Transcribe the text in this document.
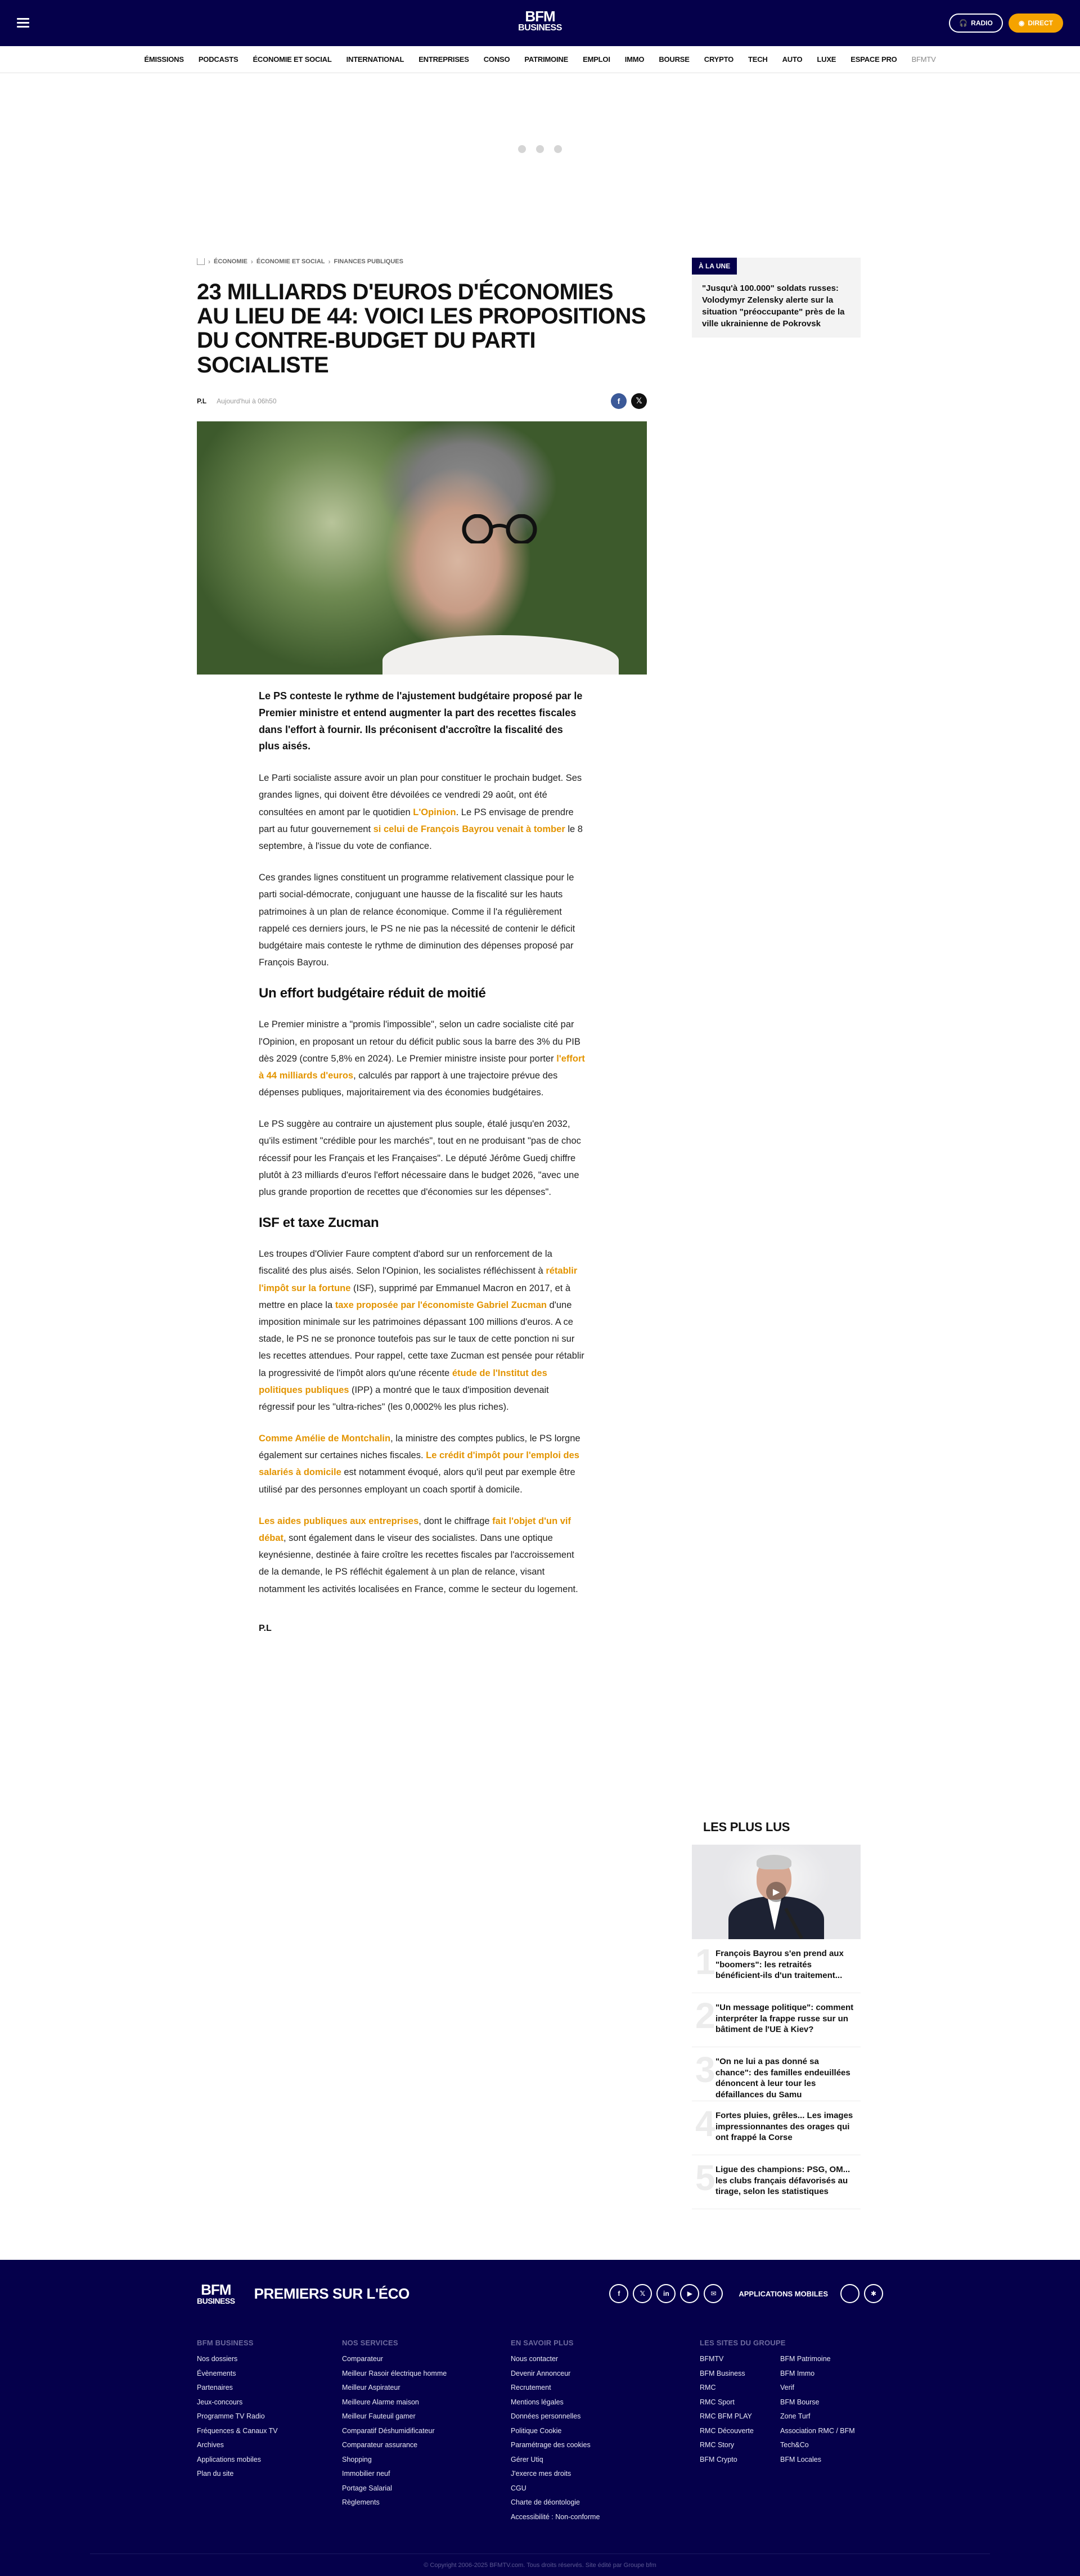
BFM
BUSINESS	🎧 RADIO	◉ DIRECT
ÉMISSIONS PODCASTS ÉCONOMIE ET SOCIAL INTERNATIONAL ENTREPRISES CONSO PATRIMOINE EMPLOI IMMO BOURSE CRYPTO TECH AUTO LUXE ESPACE PRO BFMTV
› ÉCONOMIE › ÉCONOMIE ET SOCIAL › FINANCES PUBLIQUES
23 MILLIARDS D'EUROS D'ÉCONOMIES AU LIEU DE 44: VOICI LES PROPOSITIONS DU CONTRE-BUDGET DU PARTI SOCIALISTE
P.L Aujourd'hui à 06h50	f	𝕏

Le PS conteste le rythme de l'ajustement budgétaire proposé par le Premier ministre et entend augmenter la part des recettes fiscales dans l'effort à fournir. Ils préconisent d'accroître la fiscalité des plus aisés.

Le Parti socialiste assure avoir un plan pour constituer le prochain budget. Ses grandes lignes, qui doivent être dévoilées ce vendredi 29 août, ont été consultées en amont par le quotidien L'Opinion. Le PS envisage de prendre part au futur gouvernement si celui de François Bayrou venait à tomber le 8 septembre, à l'issue du vote de confiance.

Ces grandes lignes constituent un programme relativement classique pour le parti social-démocrate, conjuguant une hausse de la fiscalité sur les hauts patrimoines à un plan de relance économique. Comme il l'a régulièrement rappelé ces derniers jours, le PS ne nie pas la nécessité de contenir le déficit budgétaire mais conteste le rythme de diminution des dépenses proposé par François Bayrou.

Un effort budgétaire réduit de moitié

Le Premier ministre a "promis l'impossible", selon un cadre socialiste cité par l'Opinion, en proposant un retour du déficit public sous la barre des 3% du PIB dès 2029 (contre 5,8% en 2024). Le Premier ministre insiste pour porter l'effort à 44 milliards d'euros, calculés par rapport à une trajectoire prévue des dépenses publiques, majoritairement via des économies budgétaires.

Le PS suggère au contraire un ajustement plus souple, étalé jusqu'en 2032, qu'ils estiment "crédible pour les marchés", tout en ne produisant "pas de choc récessif pour les Français et les Françaises". Le député Jérôme Guedj chiffre plutôt à 23 milliards d'euros l'effort nécessaire dans le budget 2026, "avec une plus grande proportion de recettes que d'économies sur les dépenses".

ISF et taxe Zucman

Les troupes d'Olivier Faure comptent d'abord sur un renforcement de la fiscalité des plus aisés. Selon l'Opinion, les socialistes réfléchissent à rétablir l'impôt sur la fortune (ISF), supprimé par Emmanuel Macron en 2017, et à mettre en place la taxe proposée par l'économiste Gabriel Zucman d'une imposition minimale sur les patrimoines dépassant 100 millions d'euros. A ce stade, le PS ne se prononce toutefois pas sur le taux de cette ponction ni sur les recettes attendues. Pour rappel, cette taxe Zucman est pensée pour rétablir la progressivité de l'impôt alors qu'une récente étude de l'Institut des politiques publiques (IPP) a montré que le taux d'imposition devenait régressif pour les "ultra-riches" (les 0,0002% les plus riches).

Comme Amélie de Montchalin, la ministre des comptes publics, le PS lorgne également sur certaines niches fiscales. Le crédit d'impôt pour l'emploi des salariés à domicile est notamment évoqué, alors qu'il peut par exemple être utilisé par des personnes employant un coach sportif à domicile.

Les aides publiques aux entreprises, dont le chiffrage fait l'objet d'un vif débat, sont également dans le viseur des socialistes. Dans une optique keynésienne, destinée à faire croître les recettes fiscales par l'accroissement de la demande, le PS réfléchit également à un plan de relance, visant notamment les activités localisées en France, comme le secteur du logement.

P.L

À LA UNE

"Jusqu'à 100.000" soldats russes: Volodymyr Zelensky alerte sur la situation "préoccupante" près de la ville ukrainienne de Pokrovsk

LES PLUS LUS
▶
1 François Bayrou s'en prend aux "boomers": les retraités bénéficient-ils d'un traitement...

2 "Un message politique": comment interpréter la frappe russe sur un bâtiment de l'UE à Kiev?

3 "On ne lui a pas donné sa chance": des familles endeuillées dénoncent à leur tour les défaillances du Samu

4 Fortes pluies, grêles... Les images impressionnantes des orages qui ont frappé la Corse

5 Ligue des champions: PSG, OM... les clubs français défavorisés au tirage, selon les statistiques

BFM
BUSINESS PREMIERS SUR L'ÉCO	f	𝕏	in	▶	✉	APPLICATIONS MOBILES	✱
BFM BUSINESS
Nos dossiers
Évènements
Partenaires
Jeux-concours
Programme TV Radio
Fréquences & Canaux TV
Archives
Applications mobiles
Plan du site
NOS SERVICES
Comparateur
Meilleur Rasoir électrique homme
Meilleur Aspirateur
Meilleure Alarme maison
Meilleur Fauteuil gamer
Comparatif Déshumidificateur
Comparateur assurance
Shopping
Immobilier neuf
Portage Salarial
Règlements
EN SAVOIR PLUS
Nous contacter
Devenir Annonceur
Recrutement
Mentions légales
Données personnelles
Politique Cookie
Paramétrage des cookies
Gérer Utiq
J'exerce mes droits
CGU
Charte de déontologie
Accessibilité : Non-conforme
LES SITES DU GROUPE
BFMTV	BFM Patrimoine
BFM Business	BFM Immo
RMC	Verif
RMC Sport	BFM Bourse
RMC BFM PLAY	Zone Turf
RMC Découverte	Association RMC / BFM
RMC Story	Tech&Co
BFM Crypto	BFM Locales
© Copyright 2006-2025 BFMTV.com. Tous droits réservés. Site édité par Groupe bfm
